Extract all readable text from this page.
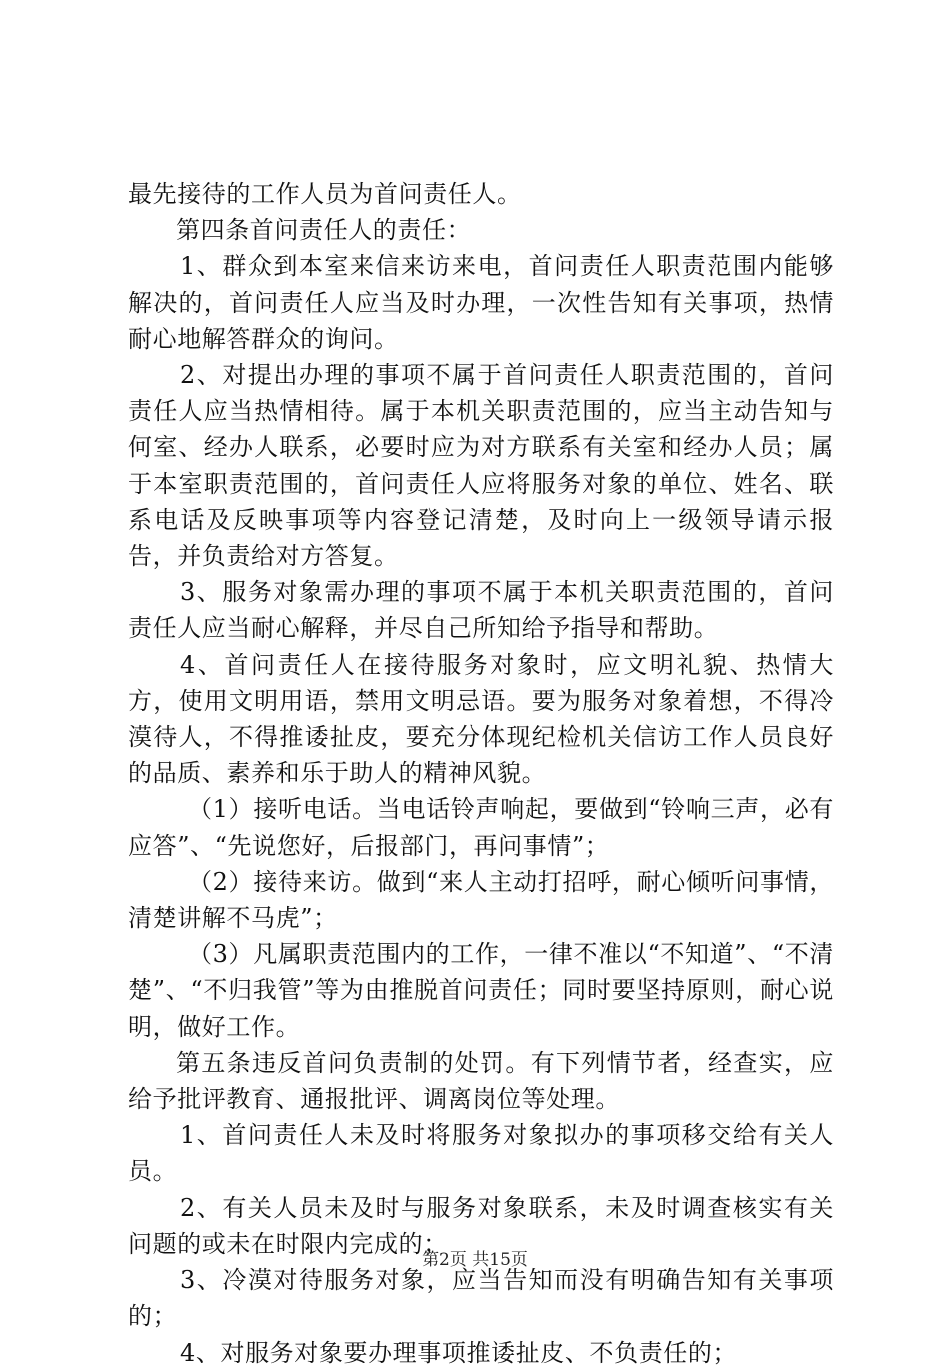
最先接待的工作人员为首问责任人。

第四条首问责任人的责任：

1、群众到本室来信来访来电，首问责任人职责范围内能够解决的，首问责任人应当及时办理，一次性告知有关事项，热情耐心地解答群众的询问。

2、对提出办理的事项不属于首问责任人职责范围的，首问责任人应当热情相待。属于本机关职责范围的，应当主动告知与何室、经办人联系，必要时应为对方联系有关室和经办人员；属于本室职责范围的，首问责任人应将服务对象的单位、姓名、联系电话及反映事项等内容登记清楚，及时向上一级领导请示报告，并负责给对方答复。

3、服务对象需办理的事项不属于本机关职责范围的，首问责任人应当耐心解释，并尽自己所知给予指导和帮助。

4、首问责任人在接待服务对象时，应文明礼貌、热情大方，使用文明用语，禁用文明忌语。要为服务对象着想，不得冷漠待人，不得推诿扯皮，要充分体现纪检机关信访工作人员良好的品质、素养和乐于助人的精神风貌。

（1）接听电话。当电话铃声响起，要做到“铃响三声，必有应答”、“先说您好，后报部门，再问事情”；

（2）接待来访。做到“来人主动打招呼，耐心倾听问事情，清楚讲解不马虎”；

（3）凡属职责范围内的工作，一律不准以“不知道”、“不清楚”、“不归我管”等为由推脱首问责任；同时要坚持原则，耐心说明，做好工作。

第五条违反首问负责制的处罚。有下列情节者，经查实，应给予批评教育、通报批评、调离岗位等处理。

1、首问责任人未及时将服务对象拟办的事项移交给有关人员。

2、有关人员未及时与服务对象联系，未及时调查核实有关问题的或未在时限内完成的；

3、冷漠对待服务对象，应当告知而没有明确告知有关事项的；

4、对服务对象要办理事项推诿扯皮、不负责任的；

第2页 共15页
